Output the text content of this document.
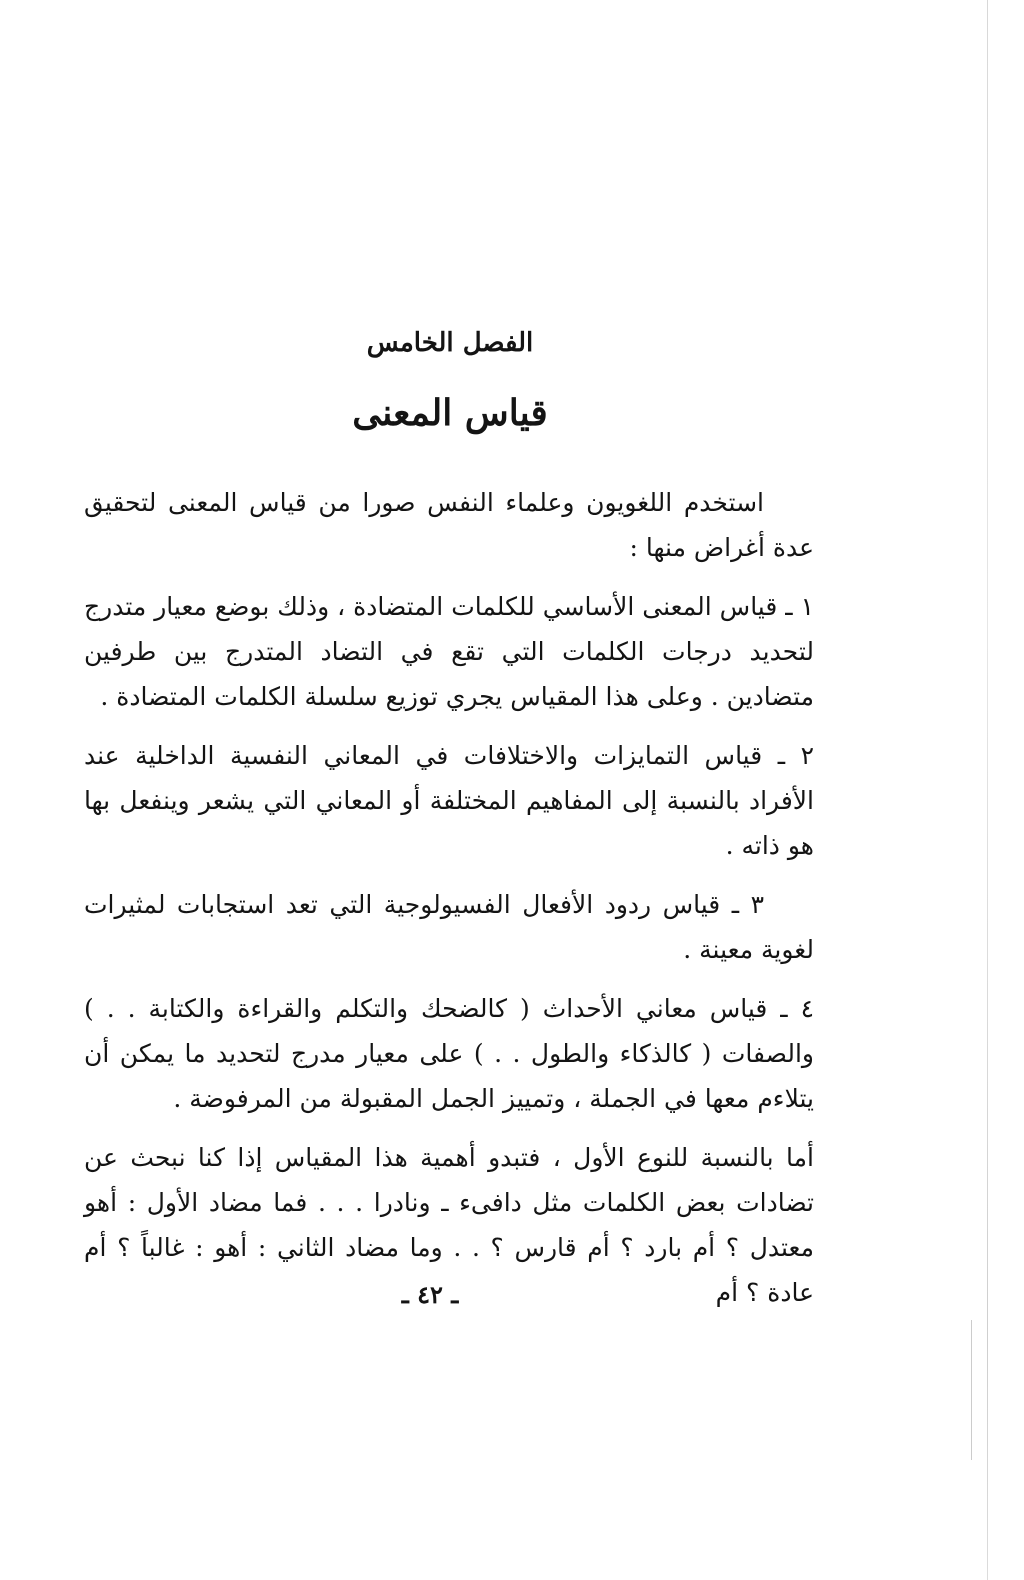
الفصل الخامس
قياس المعنى

استخدم اللغويون وعلماء النفس صورا من قياس المعنى لتحقيق عدة أغراض منها :

١ ـ قياس المعنى الأساسي للكلمات المتضادة ، وذلك بوضع معيار متدرج لتحديد درجات الكلمات التي تقع في التضاد المتدرج بين طرفين متضادين . وعلى هذا المقياس يجري توزيع سلسلة الكلمات المتضادة .

٢ ـ قياس التمايزات والاختلافات في المعاني النفسية الداخلية عند الأفراد بالنسبة إلى المفاهيم المختلفة أو المعاني التي يشعر وينفعل بها هو ذاته .

٣ ـ قياس ردود الأفعال الفسيولوجية التي تعد استجابات لمثيرات لغوية معينة .

٤ ـ قياس معاني الأحداث ( كالضحك والتكلم والقراءة والكتابة . . ) والصفات ( كالذكاء والطول . . ) على معيار مدرج لتحديد ما يمكن أن يتلاءم معها في الجملة ، وتمييز الجمل المقبولة من المرفوضة .

أما بالنسبة للنوع الأول ، فتبدو أهمية هذا المقياس إذا كنا نبحث عن تضادات بعض الكلمات مثل دافىء ـ ونادرا . . . فما مضاد الأول : أهو معتدل ؟ أم بارد ؟ أم قارس ؟ . . وما مضاد الثاني : أهو : غالباً ؟ أم عادة ؟ أم

ـ ٤٢ ـ
